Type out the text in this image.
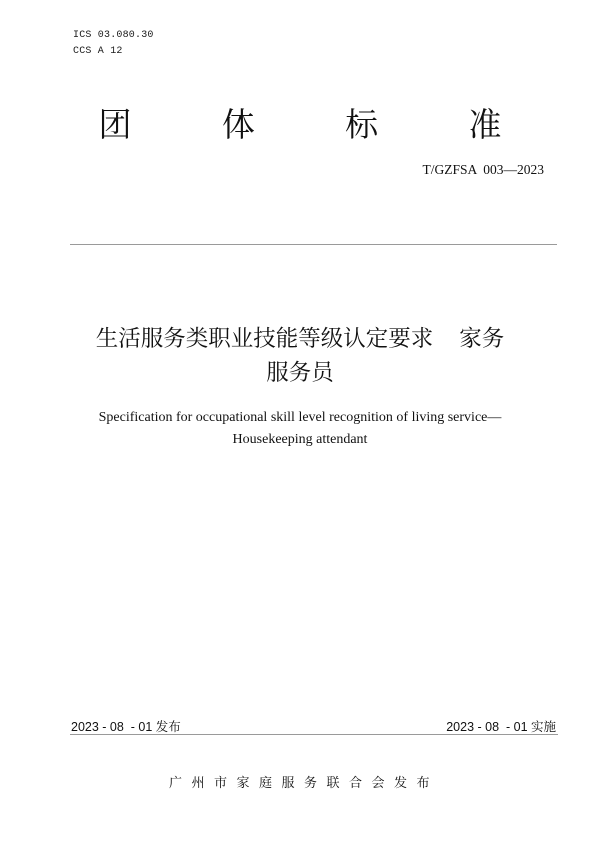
ICS 03.080.30
CCS A 12
团	体	标	准
T/GZFSA  003—2023
生活服务类职业技能等级认定要求 家务
服务员
Specification for occupational skill level recognition of living service—
Housekeeping attendant
2023 - 08  - 01 发布	2023 - 08  - 01 实施
广州市家庭服务联合会发布
